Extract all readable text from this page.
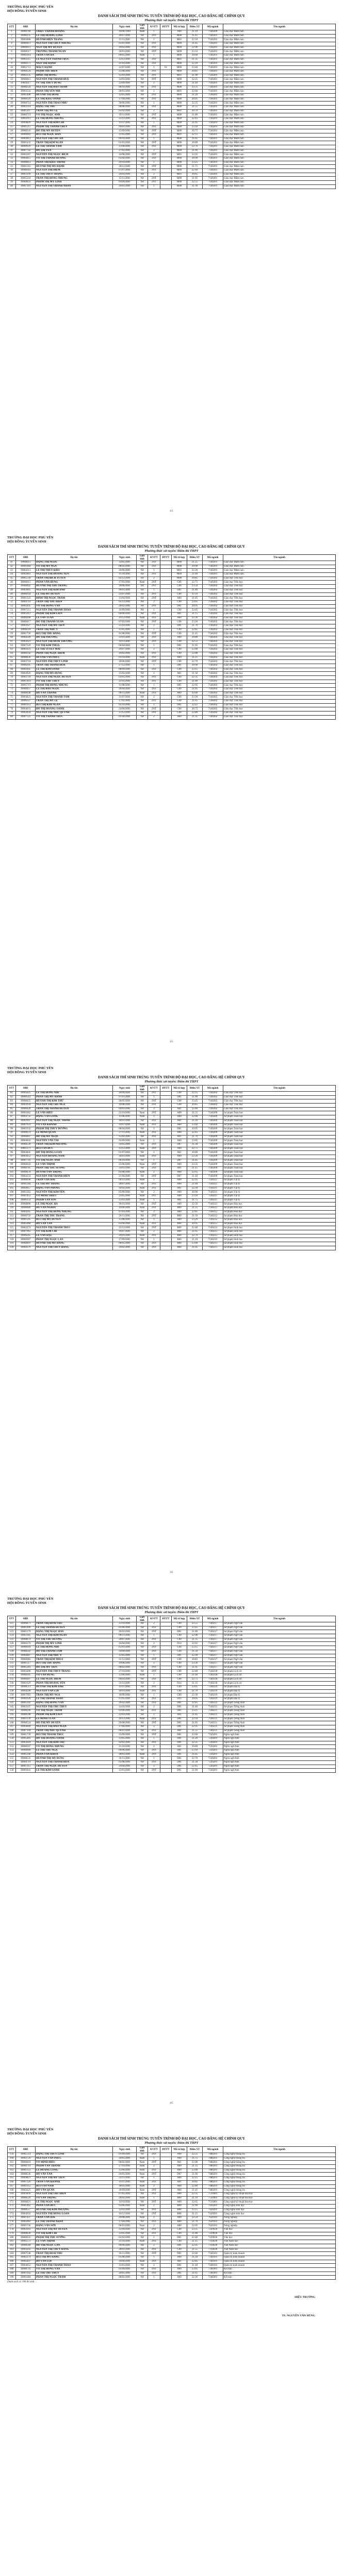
TRƯỜNG ĐẠI HỌC PHÚ YÊN
HỘI ĐỒNG TUYỂN SINH
DANH SÁCH THÍ SINH TRÚNG TUYỂN TRÌNH ĐỘ ĐẠI HỌC, CAO ĐẲNG HỆ CHÍNH QUY
Phương thức xét tuyển: Điểm thi THPT
STT	SBD	Họ tên	Ngày sinh	Giới tính	KVƯT	ĐTƯT	Mã tổ hợp	Điểm XT	Mã ngành	Tên ngành
1	39000784	TRIỆU THANH HOÀNG	10/06/1999	Nam	1		A00	21.10	7140209	Giáo dục Mầm non
2	39006235	LÊ THỊ HOÀNG LINH	20/07/2001	Nữ	2NT		M00	21.45	7140201	Giáo dục Mầm non
3	39005808	HUỲNH HIỀN TRANG	15/11/2001	Nữ	1		M01	22.50	7140201	Giáo dục Mầm non
4	39000413	NGUYỄN THỊ THÙY NHUNG	05/01/2001	Nữ	2NT		M00	21.85	7140201	Giáo dục Mầm non
5	39000411	NGÔ THỊ MỸ HUYỀN	19/02/2001	Nữ	2NT		M00	22.90	7140201	Giáo dục Mầm non
6	39008317	TRƯƠNG THANH NGÂN	18/01/2001	Nữ	2NT		M00	23.55	7140201	Giáo dục Mầm non
7	39001014	TRẦN VĂN HÀ	09/05/2001	Nam	1		M00	20.60	7140201	Giáo dục Mầm non
8	39003215	LÊ NGUYỄN THANH TRÚC	12/12/2001	Nữ	2NT		M01	21.35	7140201	Giáo dục Mầm non
9	39006371	NGÔ THỊ HẠNH	21/03/2001	Nữ	2NT		M00	22.10	7140201	Giáo dục Mầm non
10	39001711	MAI Y HẠNH	12/07/2001	Nữ	1	01	M00	23.40	7140201	Giáo dục Mầm non
11	39000524	PHẠM THU HIỀN	25/08/2001	Nữ	2NT		M00	20.85	7140201	Giáo dục Mầm non
12	39002135	ĐINH THỊ HỒNG	15/01/2001	Nữ	2NT		M01	21.90	7140201	Giáo dục Mầm non
13	39006815	NGUYỄN THỊ THANH HUỆ	14/03/2001	Nữ	2NT		M00	22.25	7140201	Giáo dục Mầm non
14	39004117	VŨ THỊ THÙY DUNG	22/09/2001	Nữ	2		M00	21.10	7140201	Giáo dục Mầm non
15	39008324	NGUYỄN THỊ BẢO TRÂM	06/10/2001	Nữ	2NT		M00	23.35	7140201	Giáo dục Mầm non
16	39003541	PHAN THỊ YẾN NHI	28/01/2001	Nữ	1		M01	22.60	7140201	Giáo dục Mầm non
17	39001408	HUỲNH THỊ HOÀI	12/05/2001	Nữ	2NT		M00	21.20	7140201	Giáo dục Mầm non
18	39008329	LÊ THỊ KIỀU OANH	17/04/2001	Nữ	2NT		M00	20.95	7140201	Giáo dục Mầm non
19	39000714	NGUYỄN THỊ THẢO NHƯ	30/06/2001	Nữ	1		M00	22.35	7140201	Giáo dục Mầm non
20	39003314	ĐẶNG THỊ THU	08/08/2001	Nữ	2NT		M00	21.55	7140201	Giáo dục Mầm non
21	39005107	TRẦN THỊ MỸ LỆ	03/02/2001	Nữ	2		M01	20.70	7140201	Giáo dục Mầm non
22	39006719	VÕ THỊ NGỌC ÁNH	19/11/2001	Nữ	2NT		M00	21.80	7140201	Giáo dục Mầm non
23	39002911	LÊ THỊ HỒNG NHUNG	25/12/2001	Nữ	2NT		M00	22.45	7140201	Giáo dục Mầm non
24	39004820	NGUYỄN THỊ KIM CHI	11/07/2001	Nữ	1		M00	21.05	7140201	Giáo dục Mầm non
25	39001215	PHẠM THỊ THANH THÚY	04/03/2001	Nữ	2NT		M00	23.10	7140201	Giáo dục Mầm non
26	39008341	HỒ THỊ MỸ DUYÊN	15/09/2001	Nữ	2NT		M00	20.75	7140201	Giáo dục Mầm non
27	39006003	BÙI THỊ NGỌC HÂN	21/05/2001	Nữ	2NT		M01	22.15	7140201	Giáo dục Mầm non
28	39003812	NGUYỄN THỊ THU HÀ	09/10/2001	Nữ	1		M00	21.65	7140201	Giáo dục Mầm non
29	39005432	TRẦN THỊ KIM NGÂN	01/01/2001	Nữ	2NT		M00	20.80	7140201	Giáo dục Mầm non
30	39000926	LÊ THỊ THANH TÂM	13/06/2001	Nữ	2NT		M00	22.70	7140201	Giáo dục Mầm non
31	39007702	ĐỖ THỊ YẾN	27/02/2001	Nữ	2		M00	21.40	7140201	Giáo dục Mầm non
32	39002267	NGUYỄN THỊ NGỌC BÍCH	16/08/2001	Nữ	2NT		M01	22.05	7140201	Giáo dục Mầm non
33	39004415	VÕ THỊ THANH HƯƠNG	05/04/2001	Nữ	2NT		M00	20.90	7140201	Giáo dục Mầm non
34	39006812	PHAN THỊ KIỀU TRINH	29/10/2001	Nữ	1		M00	23.25	7140201	Giáo dục Mầm non
35	39001563	HUỲNH THỊ MỸ HẠNH	18/12/2001	Nữ	2NT		M00	21.75	7140201	Giáo dục Mầm non
36	39008363	NGUYỄN THỊ DIỄM	07/07/2001	Nữ	2NT		M00	22.40	7140201	Giáo dục Mầm non
37	39003109	LÊ THỊ THÙY TRANG	24/03/2001	Nữ	2		M01	20.65	7140201	Giáo dục Mầm non
38	39005218	TRẦN THỊ HỒNG NHUNG	12/11/2001	Nữ	2NT		M00	21.95	7140201	Giáo dục Mầm non
39	39000833	PHẠM THỊ MỸ LINH	03/09/2001	Nữ	2NT		M00	22.55	7140201	Giáo dục Mầm non
40	39007101	NGUYỄN THỊ THANH NHÀN	20/01/2001	Nữ	1		M00	21.30	7140201	Giáo dục Mầm non
1/5
TRƯỜNG ĐẠI HỌC PHÚ YÊN
HỘI ĐỒNG TUYỂN SINH
DANH SÁCH THÍ SINH TRÚNG TUYỂN TRÌNH ĐỘ ĐẠI HỌC, CAO ĐẲNG HỆ CHÍNH QUY
Phương thức xét tuyển: Điểm thi THPT
STT	SBD	Họ tên	Ngày sinh	Giới tính	KVƯT	ĐTƯT	Mã tổ hợp	Điểm XT	Mã ngành	Tên ngành
41	39006611	ĐẶNG THỊ NGỌC	14/05/2001	Nữ	2NT		M00	21.25	7140201	Giáo dục Mầm non
42	39001904	VÕ THỊ MỸ NGA	08/02/2001	Nữ	2NT		M00	20.90	7140201	Giáo dục Mầm non
43	39004213	LÊ THỊ THÚY KIỀU	26/06/2001	Nữ	1		M01	22.20	7140201	Giáo dục Mầm non
44	39002801	NGUYỄN THỊ HOÀNG YẾN	11/10/2001	Nữ	2NT		M00	21.60	7140201	Giáo dục Mầm non
45	39005544	TRẦN THỊ BÍCH TUYỀN	02/12/2001	Nữ	2		M00	20.85	7140202	Giáo dục Tiểu học
46	39000615	PHAN VĂN HÙNG	17/03/2001	Nam	2NT		C00	22.75	7140202	Giáo dục Tiểu học
47	39008402	HUỲNH THỊ THU TRANG	30/08/2001	Nữ	2NT		C00	23.50	7140202	Giáo dục Tiểu học
48	39003605	NGUYỄN THỊ KIM ANH	09/01/2001	Nữ	1		D01	21.40	7140202	Giáo dục Tiểu học
49	39006934	LÊ THỊ MỸ HUYỀN	22/07/2001	Nữ	2NT		C00	22.10	7140202	Giáo dục Tiểu học
50	39001322	ĐINH THỊ NGỌC TRÂM	13/04/2001	Nữ	2NT		A00	21.85	7140202	Giáo dục Tiểu học
51	39004716	TRẦN THỊ THU HIỀN	05/11/2001	Nữ	2		C00	23.05	7140202	Giáo dục Tiểu học
52	39002445	VÕ THỊ HỒNG VÂN	28/02/2001	Nữ	2NT		D01	20.95	7140202	Giáo dục Tiểu học
53	39007215	NGUYỄN THỊ THANH THẢO	16/09/2001	Nữ	1		C00	22.65	7140202	Giáo dục Tiểu học
54	39005012	PHẠM THỊ KIM LIÊN	04/06/2001	Nữ	2NT		A01	21.15	7140202	Giáo dục Tiểu học
55	39000208	LÊ VĂN TUẤN	19/12/2001	Nam	2NT		A00	22.30	7140202	Giáo dục Tiểu học
56	39008417	HỒ THỊ THANH XUÂN	07/03/2001	Nữ	2NT		C00	23.20	7140202	Giáo dục Tiểu học
57	39003927	NGUYỄN THỊ MỸ TIÊN	25/10/2001	Nữ	2		D01	21.70	7140202	Giáo dục Tiểu học
58	39006118	TRẦN THỊ NHƯ Ý	12/05/2001	Nữ	1		C00	22.85	7140202	Giáo dục Tiểu học
59	39001736	BÙI THỊ THU HẰNG	01/08/2001	Nữ	2NT		C00	21.45	7140202	Giáo dục Tiểu học
60	39004509	ĐỖ THỊ PHƯƠNG	23/01/2001	Nữ	2NT		A00	20.80	7140202	Giáo dục Tiểu học
61	39002623	NGUYỄN THỊ HOÀI THƯƠNG	14/11/2001	Nữ	2NT		C00	22.55	7140202	Giáo dục Tiểu học
62	39007329	VÕ THỊ KIM THOA	06/04/2001	Nữ	1		D01	21.95	7140202	Giáo dục Tiểu học
63	39005631	LÊ THỊ TUYẾT MAI	29/07/2001	Nữ	2		C00	23.40	7140202	Giáo dục Tiểu học
64	39000342	PHAN THỊ NGỌC DIỄM	10/02/2001	Nữ	2NT		C00	22.00	7140202	Giáo dục Tiểu học
65	39008436	HUỲNH VĂN PHÚC	03/10/2001	Nam	2NT		A00	21.25	7140202	Giáo dục Tiểu học
66	39003718	NGUYỄN THỊ THÙY LINH	18/06/2001	Nữ	2NT		C00	22.70	7140202	Giáo dục Tiểu học
67	39006205	TRẦN THỊ THANH HÒA	27/12/2001	Nữ	1		D01	20.90	7140202	Giáo dục Tiểu học
68	39001845	LÊ THỊ KIM OANH	08/09/2001	Nữ	2NT		C00	23.15	7140202	Giáo dục Tiểu học
69	39004926	ĐẶNG THỊ MỸ DUNG	15/03/2001	Nữ	2		A01	21.50	7140202	Giáo dục Tiểu học
70	39002718	NGUYỄN THỊ NGỌC HUYỀN	02/05/2001	Nữ	2NT		C00	22.35	7140202	Giáo dục Tiểu học
71	39007410	VÕ THỊ THU THỦY	21/01/2001	Nữ	2NT		C00	21.80	7140202	Giáo dục Tiểu học
72	39005719	PHẠM THỊ HỒNG NHUNG	11/08/2001	Nữ	1		D01	22.95	7140202	Giáo dục Tiểu học
73	39000457	LÊ THỊ BẢO NGỌC	26/04/2001	Nữ	2NT		C00	21.05	7140202	Giáo dục Tiểu học
74	39008448	HỒ VĂN THÀNH	09/11/2001	Nam	2NT		A00	22.60	7140202	Giáo dục Tiểu học
75	39003823	NGUYỄN THỊ THANH TÂM	31/07/2001	Nữ	2		C00	23.30	7140202	Giáo dục Tiểu học
76	39006327	TRẦN THỊ MỸ LỆ	17/02/2001	Nữ	2NT		C00	21.65	7140202	Giáo dục Tiểu học
77	39001951	BÙI THỊ KIM NGÂN	05/10/2001	Nữ	1		D01	22.25	7140202	Giáo dục Tiểu học
78	39004631	ĐỖ THỊ HOÀNG OANH	24/06/2001	Nữ	2NT		C00	20.75	7140202	Giáo dục Tiểu học
79	39002834	NGUYỄN THỊ NHƯ QUỲNH	13/12/2001	Nữ	2NT		C00	22.80	7140202	Giáo dục Tiểu học
80	39007522	VÕ THỊ THANH TRÚC	01/04/2001	Nữ	2		A00	21.35	7140202	Giáo dục Tiểu học
2/5
TRƯỜNG ĐẠI HỌC PHÚ YÊN
HỘI ĐỒNG TUYỂN SINH
DANH SÁCH THÍ SINH TRÚNG TUYỂN TRÌNH ĐỘ ĐẠI HỌC, CAO ĐẲNG HỆ CHÍNH QUY
Phương thức xét tuyển: Điểm thi THPT
STT	SBD	Họ tên	Ngày sinh	Giới tính	KVƯT	ĐTƯT	Mã tổ hợp	Điểm XT	Mã ngành	Tên ngành
81	39005825	LÊ THỊ HỒNG NHI	20/09/2001	Nữ	2NT		C00	22.15	7140202	Giáo dục Tiểu học
82	39000561	PHAN THỊ MỸ HẠNH	07/01/2001	Nữ	1		D01	21.90	7140202	Giáo dục Tiểu học
83	39008455	HUỲNH THỊ KIM THƯ	28/05/2001	Nữ	2NT		C00	23.45	7140202	Giáo dục Tiểu học
84	39003934	NGUYỄN THỊ THU NGA	16/08/2001	Nữ	2NT		C00	20.85	7140202	Giáo dục Tiểu học
85	39006428	TRẦN THỊ THANH HUYỀN	04/03/2001	Nữ	2		A01	22.40	7140202	Giáo dục Tiểu học
86	39001062	LÊ VĂN HIẾU	22/10/2001	Nam	2NT		A00	21.55	7140209	Sư phạm Toán học
87	39004732	ĐẶNG VĂN LONG	11/06/2001	Nam	1		A00	22.90	7140209	Sư phạm Toán học
88	39002947	NGUYỄN THỊ NGỌC TRINH	30/01/2001	Nữ	2NT		A01	21.20	7140209	Sư phạm Toán học
89	39007633	VÕ VĂN KHÁNH	19/07/2001	Nam	2NT		A00	23.60	7140209	Sư phạm Toán học
90	39005932	PHẠM THỊ THÙY DƯƠNG	08/04/2001	Nữ	2		D01	20.95	7140209	Sư phạm Toán học
91	39000674	LÊ MINH QUÂN	27/11/2001	Nam	2NT		A00	22.45	7140209	Sư phạm Toán học
92	39008467	HỒ THỊ MỸ NGỌC	15/02/2001	Nữ	2NT		A01	21.70	7140209	Sư phạm Toán học
93	39004043	NGUYỄN VĂN TÀI	03/09/2001	Nam	1		A00	23.05	7140209	Sư phạm Toán học
94	39006539	TRẦN THỊ KIM PHƯỢNG	24/05/2001	Nữ	2NT		D07	21.30	7140209	Sư phạm Toán học
95	39001173	BÙI VĂN ĐỨC	12/12/2001	Nam	2NT		A00	22.75	7140209	Sư phạm Toán học
96	39004845	ĐỖ THỊ HỒNG LOAN	01/07/2001	Nữ	2		A01	20.80	7140209	Sư phạm Toán học
97	39003052	NGUYỄN HOÀNG NAM	18/03/2001	Nam	2NT		A00	22.20	7140209	Sư phạm Toán học
98	39007741	VÕ THỊ NGỌC ANH	06/10/2001	Nữ	1		D07	21.85	7140209	Sư phạm Toán học
99	39006043	LÊ VĂN THỊNH	25/06/2001	Nam	2NT		A00	23.35	7140209	Sư phạm Toán học
100	39000785	PHAN THỊ THU SƯƠNG	14/01/2001	Nữ	2NT		A01	21.15	7140209	Sư phạm Toán học
101	39008478	HUỲNH VĂN TRỌNG	02/08/2001	Nam	2		A00	22.65	7140209	Sư phạm Toán học
102	39004154	NGUYỄN THỊ THANH HIỀN	21/04/2001	Nữ	2NT		D07	21.40	7140209	Sư phạm Toán học
103	39006648	TRẦN VĂN HẢI	09/11/2001	Nam	1		A00	22.95	7140211	Sư phạm Vật lý
104	39001284	LÊ THỊ MỸ TRANG	28/07/2001	Nữ	2NT		A00	21.60	7140211	Sư phạm Vật lý
105	39004957	ĐẶNG VĂN PHONG	16/02/2001	Nam	2NT		A01	22.30	7140211	Sư phạm Vật lý
106	39003163	NGUYỄN THỊ KIM YẾN	05/09/2001	Nữ	2		A00	20.90	7140211	Sư phạm Vật lý
107	39007852	VÕ MINH TRIẾT	23/05/2001	Nam	2NT		A00	23.10	7140211	Sư phạm Vật lý
108	39006154	PHẠM VĂN SƠN	12/01/2001	Nam	1		A01	21.75	7140211	Sư phạm Vật lý
109	39000896	LÊ THỊ NGỌC HÀ	30/10/2001	Nữ	2NT		A00	22.50	7140212	Sư phạm Hóa học
110	39008489	HỒ VĂN NGHĨA	19/06/2001	Nam	2NT		B00	21.25	7140212	Sư phạm Hóa học
111	39004265	NGUYỄN THỊ HỒNG NHUNG	07/03/2001	Nữ	2		A00	22.85	7140212	Sư phạm Hóa học
112	39006759	TRẦN THỊ THU TRANG	26/11/2001	Nữ	2NT		B00	21.50	7140212	Sư phạm Hóa học
113	39001395	BÙI THỊ MỸ DUYÊN	15/08/2001	Nữ	1		A00	23.20	7140212	Sư phạm Hóa học
114	39005068	ĐỖ VĂN TÂN	03/04/2001	Nam	2NT		B00	20.95	7140212	Sư phạm Hóa học
115	39003274	NGUYỄN THỊ THANH TRÚC	22/12/2001	Nữ	2NT		B00	22.40	7140213	Sư phạm Sinh học
116	39007963	VÕ THỊ KIM CHI	10/07/2001	Nữ	2		B00	21.65	7140213	Sư phạm Sinh học
117	39006265	LÊ VĂN HẬU	29/01/2001	Nam	2NT		B00	22.70	7140213	Sư phạm Sinh học
118	39000907	PHAN THỊ NGỌC LAN	17/09/2001	Nữ	1		B00	21.10	7140213	Sư phạm Sinh học
119	39008491	HUỲNH THỊ MỸ HẰNG	06/05/2001	Nữ	2NT		B00	23.00	7140213	Sư phạm Sinh học
120	39004376	NGUYỄN THỊ THÚY HẰNG	24/02/2001	Nữ	2NT		B00	21.95	7140213	Sư phạm Sinh học
3/5
TRƯỜNG ĐẠI HỌC PHÚ YÊN
HỘI ĐỒNG TUYỂN SINH
DANH SÁCH THÍ SINH TRÚNG TUYỂN TRÌNH ĐỘ ĐẠI HỌC, CAO ĐẲNG HỆ CHÍNH QUY
Phương thức xét tuyển: Điểm thi THPT
STT	SBD	Họ tên	Ngày sinh	Giới tính	KVƯT	ĐTƯT	Mã tổ hợp	Điểm XT	Mã ngành	Tên ngành
121	39006871	TRẦN THỊ HOÀI THU	13/10/2001	Nữ	2		C00	22.55	7140217	Sư phạm Ngữ văn
122	39001406	LÊ THỊ THANH HUYỀN	01/06/2001	Nữ	2NT		C00	23.45	7140217	Sư phạm Ngữ văn
123	39005179	ĐẶNG THỊ NGỌC HÂN	20/03/2001	Nữ	2NT		D01	21.80	7140217	Sư phạm Ngữ văn
124	39003385	NGUYỄN THỊ KIM NGÂN	09/11/2001	Nữ	1		C00	22.90	7140217	Sư phạm Ngữ văn
125	39008074	VÕ THỊ THU HƯƠNG	28/07/2001	Nữ	2NT		C00	21.35	7140217	Sư phạm Ngữ văn
126	39006376	PHẠM THỊ MỸ LINH	16/04/2001	Nữ	2		D14	22.65	7140217	Sư phạm Ngữ văn
127	39000918	LÊ THỊ HỒNG NHI	05/01/2001	Nữ	2NT		C00	23.15	7140217	Sư phạm Ngữ văn
128	39008502	HỒ THỊ THANH TÂM	24/09/2001	Nữ	2NT		C00	21.50	7140217	Sư phạm Ngữ văn
129	39004487	NGUYỄN THỊ NHƯ Ý	12/05/2001	Nữ	1		D01	22.20	7140217	Sư phạm Ngữ văn
130	39006982	TRẦN THỊ KIM THOA	31/12/2001	Nữ	2NT		C00	20.85	7140217	Sư phạm Ngữ văn
131	39001517	BÙI THỊ THU HẰNG	19/08/2001	Nữ	2		C00	23.30	7140217	Sư phạm Ngữ văn
132	39005281	ĐỖ THỊ MỸ TIÊN	08/02/2001	Nữ	2NT		C00	21.95	7140217	Sư phạm Ngữ văn
133	39003496	NGUYỄN THỊ THÙY TRANG	27/10/2001	Nữ	2NT		C00	22.40	7140218	Sư phạm Lịch sử
134	39008185	VÕ VĂN HÙNG	15/06/2001	Nam	1		C00	21.60	7140218	Sư phạm Lịch sử
135	39006487	LÊ THỊ NGỌC DIỄM	04/03/2001	Nữ	2NT		C00	22.75	7140218	Sư phạm Lịch sử
136	39001029	PHAN THỊ HOÀNG YẾN	23/11/2001	Nữ	2		D14	21.15	7140218	Sư phạm Lịch sử
137	39008513	HUỲNH THỊ KIM ANH	11/07/2001	Nữ	2NT		C00	23.05	7140219	Sư phạm Địa lý
138	39004598	NGUYỄN VĂN LỢI	30/01/2001	Nam	2NT		C00	21.70	7140219	Sư phạm Địa lý
139	39007093	TRẦN THỊ MỸ NGA	18/09/2001	Nữ	1		C00	22.30	7140219	Sư phạm Địa lý
140	39001628	LÊ THỊ THANH THẢO	07/05/2001	Nữ	2NT		D15	20.95	7140219	Sư phạm Địa lý
141	39005392	ĐẶNG THỊ HỒNG VÂN	26/02/2001	Nữ	2NT		D01	22.85	7140231	Sư phạm Tiếng Anh
142	39003507	NGUYỄN THỊ THU THỦY	14/10/2001	Nữ	2		D01	21.40	7140231	Sư phạm Tiếng Anh
143	39008296	VÕ THỊ NGỌC TRÂM	03/06/2001	Nữ	2NT		D01	23.25	7140231	Sư phạm Tiếng Anh
144	39006598	PHẠM THỊ KIM LIÊN	22/03/2001	Nữ	1		A01	21.85	7140231	Sư phạm Tiếng Anh
145	39001139	LÊ MINH TUẤN	10/12/2001	Nam	2NT		D01	22.50	7140231	Sư phạm Tiếng Anh
146	39008524	HỒ THỊ MỸ HUYỀN	29/08/2001	Nữ	2NT		D01	21.05	7140231	Sư phạm Tiếng Anh
147	39004609	NGUYỄN THỊ BẢO NGỌC	17/04/2001	Nữ	2		D01	22.95	7140231	Sư phạm Tiếng Anh
148	39007104	TRẦN THỊ NHƯ QUỲNH	06/01/2001	Nữ	2NT		A01	21.55	7140231	Sư phạm Tiếng Anh
149	39001739	BÙI THỊ THANH TRÚC	25/09/2001	Nữ	2NT		D01	22.60	7220201	Ngôn ngữ Anh
150	39005403	ĐỖ THỊ HOÀNG OANH	13/05/2001	Nữ	1		D01	21.20	7220201	Ngôn ngữ Anh
151	39003618	NGUYỄN THỊ KIM THƯ	02/02/2001	Nữ	2NT		D01	22.35	7220201	Ngôn ngữ Anh
152	39008307	VÕ THỊ HỒNG NHUNG	21/10/2001	Nữ	2		A01	20.80	7220201	Ngôn ngữ Anh
153	39006609	LÊ THỊ THU NGA	09/06/2001	Nữ	2NT		D01	23.10	7220201	Ngôn ngữ Anh
154	39001240	PHAN VĂN KHOA	28/03/2001	Nam	2NT		D01	21.65	7220201	Ngôn ngữ Anh
155	39008535	HUỲNH THỊ MỸ DUNG	16/11/2001	Nữ	1		D01	22.70	7220201	Ngôn ngữ Anh
156	39004710	NGUYỄN THỊ THANH HÒA	05/08/2001	Nữ	2NT		D01	21.30	7220201	Ngôn ngữ Anh
157	39007215	TRẦN THỊ NGỌC HUYỀN	24/04/2001	Nữ	2		D01	22.45	7220201	Ngôn ngữ Anh
158	39001841	LÊ THỊ KIM OANH	12/01/2001	Nữ	2NT		D01	21.00	7220201	Ngôn ngữ Anh
4/5
TRƯỜNG ĐẠI HỌC PHÚ YÊN
HỘI ĐỒNG TUYỂN SINH
DANH SÁCH THÍ SINH TRÚNG TUYỂN TRÌNH ĐỘ ĐẠI HỌC, CAO ĐẲNG HỆ CHÍNH QUY
Phương thức xét tuyển: Điểm thi THPT
STT	SBD	Họ tên	Ngày sinh	Giới tính	KVƯT	ĐTƯT	Mã tổ hợp	Điểm XT	Mã ngành	Tên ngành
159	39005514	ĐẶNG THỊ THÙY LINH	01/09/2001	Nữ	2NT		A00	22.25	7480201	Công nghệ thông tin
160	39003729	NGUYỄN VĂN PHÚC	20/05/2001	Nam	1		A00	21.75	7480201	Công nghệ thông tin
161	39008418	VÕ MINH HIẾU	08/02/2001	Nam	2NT		A01	22.90	7480201	Công nghệ thông tin
162	39006710	PHẠM VĂN THÀNH	27/10/2001	Nam	2		A00	21.35	7480201	Công nghệ thông tin
163	39001351	LÊ HOÀNG LONG	15/06/2001	Nam	2NT		A00	23.00	7480201	Công nghệ thông tin
164	39008546	HỒ VĂN TÂN	04/03/2001	Nam	2NT		D07	21.60	7480201	Công nghệ thông tin
165	39004821	NGUYỄN THỊ MỸ TIÊN	23/11/2001	Nữ	1		A00	22.15	7480201	Công nghệ thông tin
166	39007326	TRẦN VĂN KHÁNH	11/07/2001	Nam	2NT		A01	20.85	7480201	Công nghệ thông tin
167	39001952	BÙI VĂN NAM	30/01/2001	Nam	2		A00	22.80	7480201	Công nghệ thông tin
168	39005625	ĐỖ VĂN QUÂN	18/09/2001	Nam	2NT		A00	21.45	7480201	Công nghệ thông tin
169	39003830	NGUYỄN THỊ THU HIỀN	07/05/2001	Nữ	2NT		A00	22.35	7510401	Công nghệ kỹ thuật hóa học
170	39008529	VÕ VĂN TRỌNG	26/02/2001	Nam	1		B00	21.10	7510401	Công nghệ kỹ thuật hóa học
171	39006821	LÊ THỊ NGỌC ÁNH	14/10/2001	Nữ	2NT		A00	22.65	7510401	Công nghệ kỹ thuật hóa học
172	39001462	PHAN VĂN ĐỨC	03/06/2001	Nam	2		B00	21.90	7420201	Công nghệ sinh học
173	39008557	HUỲNH THỊ KIM PHƯỢNG	22/03/2001	Nữ	2NT		B00	23.15	7420201	Công nghệ sinh học
174	39004932	NGUYỄN THỊ HỒNG LOAN	10/12/2001	Nữ	2NT		B08	21.25	7420201	Công nghệ sinh học
175	39007437	TRẦN VĂN HẢI	29/08/2001	Nam	1		A00	22.50	7620101	Nông nghiệp
176	39002063	LÊ THỊ THANH NHÀN	17/04/2001	Nữ	2NT		B00	21.70	7620101	Nông nghiệp
177	39005736	ĐẶNG VĂN SƠN	06/01/2001	Nam	2		A00	22.05	7620101	Nông nghiệp
178	39003941	NGUYỄN THỊ MỸ DUYÊN	25/09/2001	Nữ	2NT		C00	23.35	7229030	Văn học
179	39008630	VÕ THỊ KIM CHI	13/05/2001	Nữ	2NT		C00	21.80	7229030	Văn học
180	39006932	PHẠM THỊ THU SƯƠNG	02/02/2001	Nữ	1		D01	22.40	7229030	Văn học
181	39001573	LÊ VĂN THỊNH	21/10/2001	Nam	2NT		C00	21.15	7310630	Việt Nam học
182	39008568	HỒ THỊ NGỌC LAN	09/06/2001	Nữ	2		D01	22.95	7310630	Việt Nam học
183	39005043	NGUYỄN THỊ THÚY HẰNG	28/03/2001	Nữ	2NT		C00	21.55	7310630	Việt Nam học
184	39007548	TRẦN THỊ HOÀI THU	16/11/2001	Nữ	2NT		D01	22.60	7340101	Quản trị kinh doanh
185	39002174	BÙI THỊ MỸ HẰNG	05/08/2001	Nữ	1		A00	21.20	7340101	Quản trị kinh doanh
186	39005847	ĐỖ VĂN LỢI	24/04/2001	Nam	2NT		A01	22.85	7340101	Quản trị kinh doanh
187	39004052	NGUYỄN THỊ THANH THẢO	12/01/2001	Nữ	2		D01	21.40	7340101	Quản trị kinh doanh
188	39008741	VÕ THỊ HỒNG VÂN	01/09/2001	Nữ	2NT		A00	23.05	7340301	Kế toán
189	39007043	LÊ THỊ THU THỦY	20/05/2001	Nữ	2NT		D01	21.65	7340301	Kế toán
190	39001684	PHAN THỊ NGỌC TRÂM	08/02/2001	Nữ	1		A00	22.30	7340301	Kế toán
Danh sách có 190 thí sinh.
HIỆU TRƯỞNG
TS. NGUYỄN VĂN HÙNG
